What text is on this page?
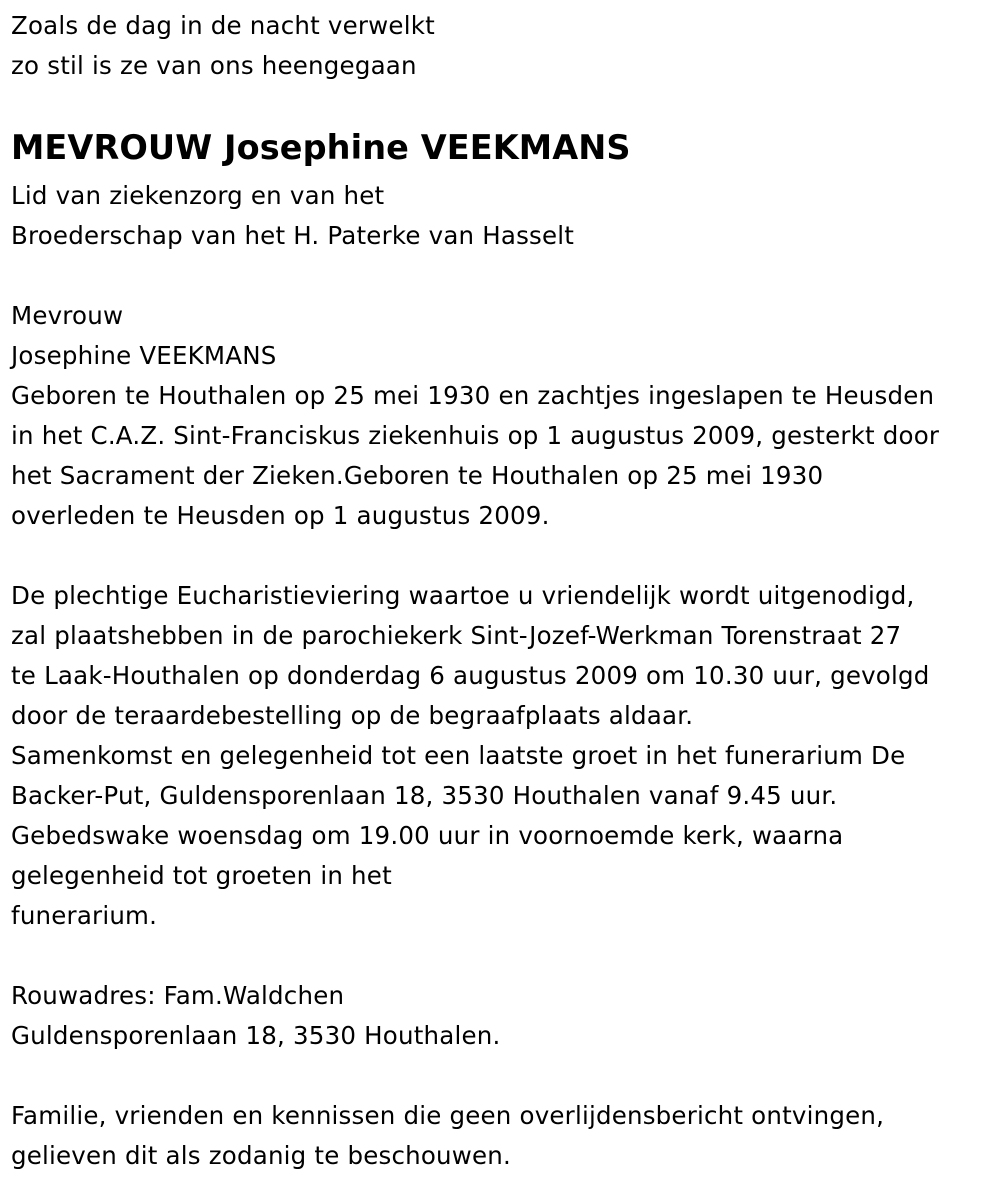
Zoals de dag in de nacht verwelkt
zo stil is ze van ons heengegaan
MEVROUW Josephine VEEKMANS
Lid van ziekenzorg en van het
Broederschap van het H. Paterke van Hasselt
Mevrouw
Josephine VEEKMANS
Geboren te Houthalen op 25 mei 1930 en zachtjes ingeslapen te Heusden
in het C.A.Z. Sint-Franciskus ziekenhuis op 1 augustus 2009, gesterkt door
het Sacrament der Zieken.Geboren te Houthalen op 25 mei 1930
overleden te Heusden op 1 augustus 2009.
De plechtige Eucharistieviering waartoe u vriendelijk wordt uitgenodigd,
zal plaatshebben in de parochiekerk Sint-Jozef-Werkman Torenstraat 27
te Laak-Houthalen op donderdag 6 augustus 2009 om 10.30 uur, gevolgd
door de teraardebestelling op de begraafplaats aldaar.
Samenkomst en gelegenheid tot een laatste groet in het funerarium De
Backer-Put, Guldensporenlaan 18, 3530 Houthalen vanaf 9.45 uur.
Gebedswake woensdag om 19.00 uur in voornoemde kerk, waarna
gelegenheid tot groeten in het
funerarium.
Rouwadres: Fam.Waldchen
Guldensporenlaan 18, 3530 Houthalen.
Familie, vrienden en kennissen die geen overlijdensbericht ontvingen,
gelieven dit als zodanig te beschouwen.
